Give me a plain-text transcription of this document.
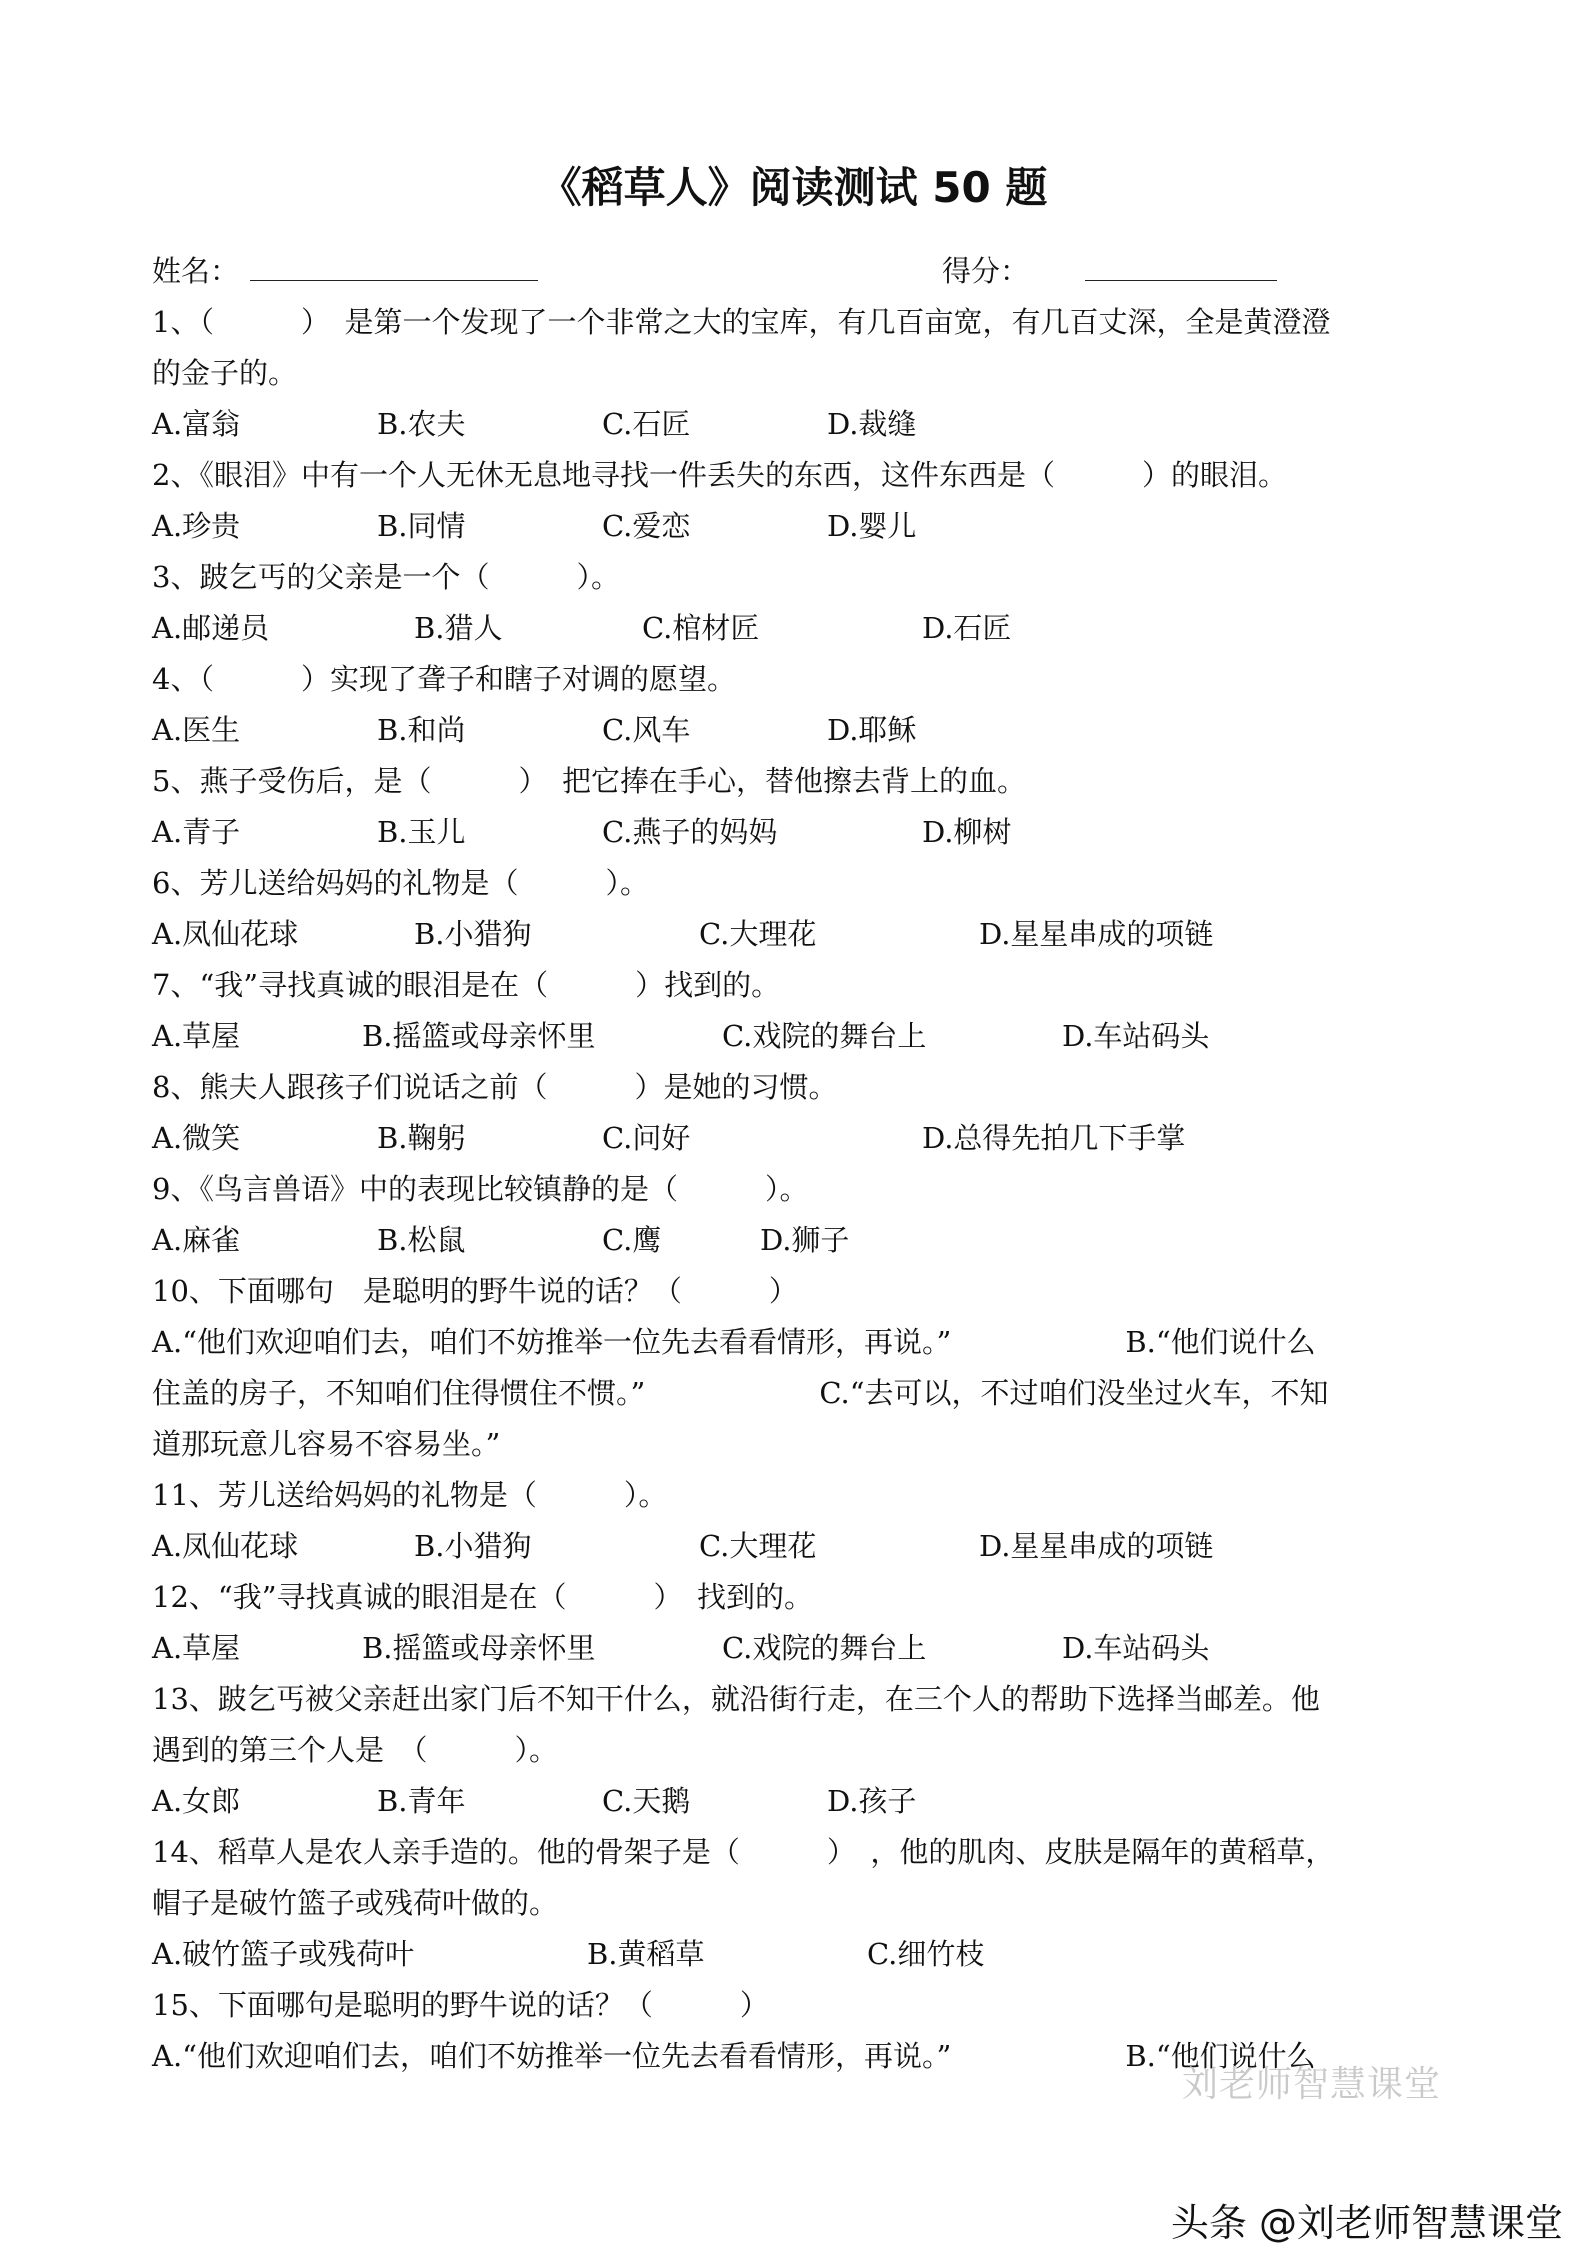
《稻草人》阅读测试 50 题
姓名：	得分：
1、（　　　）　是第一个发现了一个非常之大的宝库，有几百亩宽，有几百丈深，全是黄澄澄
的金子的。
A.富翁	B.农夫	C.石匠	D.裁缝
2、《眼泪》中有一个人无休无息地寻找一件丢失的东西，这件东西是（　　　）的眼泪。
A.珍贵	B.同情	C.爱恋	D.婴儿
3、跛乞丐的父亲是一个（　　　）。
A.邮递员	B.猎人	C.棺材匠	D.石匠
4、（　　　）实现了聋子和瞎子对调的愿望。
A.医生	B.和尚	C.风车	D.耶稣
5、燕子受伤后，是（　　　）　把它捧在手心，替他擦去背上的血。
A.青子	B.玉儿	C.燕子的妈妈	D.柳树
6、芳儿送给妈妈的礼物是（　　　）。
A.凤仙花球	B.小猎狗	C.大理花	D.星星串成的项链
7、“我”寻找真诚的眼泪是在（　　　）找到的。
A.草屋	B.摇篮或母亲怀里	C.戏院的舞台上	D.车站码头
8、熊夫人跟孩子们说话之前（　　　）是她的习惯。
A.微笑	B.鞠躬	C.问好	D.总得先拍几下手掌
9、《鸟言兽语》中的表现比较镇静的是（　　　）。
A.麻雀	B.松鼠	C.鹰	D.狮子
10、下面哪句　是聪明的野牛说的话？（　　　）
A.“他们欢迎咱们去，咱们不妨推举一位先去看看情形，再说。”　　　　　　B.“他们说什么
住盖的房子，不知咱们住得惯住不惯。”　　　　　　C.“去可以，不过咱们没坐过火车，不知
道那玩意儿容易不容易坐。”
11、芳儿送给妈妈的礼物是（　　　）。
A.凤仙花球	B.小猎狗	C.大理花	D.星星串成的项链
12、“我”寻找真诚的眼泪是在（　　　）　找到的。
A.草屋	B.摇篮或母亲怀里	C.戏院的舞台上	D.车站码头
13、跛乞丐被父亲赶出家门后不知干什么，就沿街行走，在三个人的帮助下选择当邮差。他
遇到的第三个人是　（　　　）。
A.女郎	B.青年	C.天鹅	D.孩子
14、稻草人是农人亲手造的。他的骨架子是（　　　）　，他的肌肉、皮肤是隔年的黄稻草，
帽子是破竹篮子或残荷叶做的。
A.破竹篮子或残荷叶	B.黄稻草	C.细竹枝
15、下面哪句是聪明的野牛说的话？（　　　）
A.“他们欢迎咱们去，咱们不妨推举一位先去看看情形，再说。”　　　　　　B.“他们说什么
刘老师智慧课堂
头条 @刘老师智慧课堂
